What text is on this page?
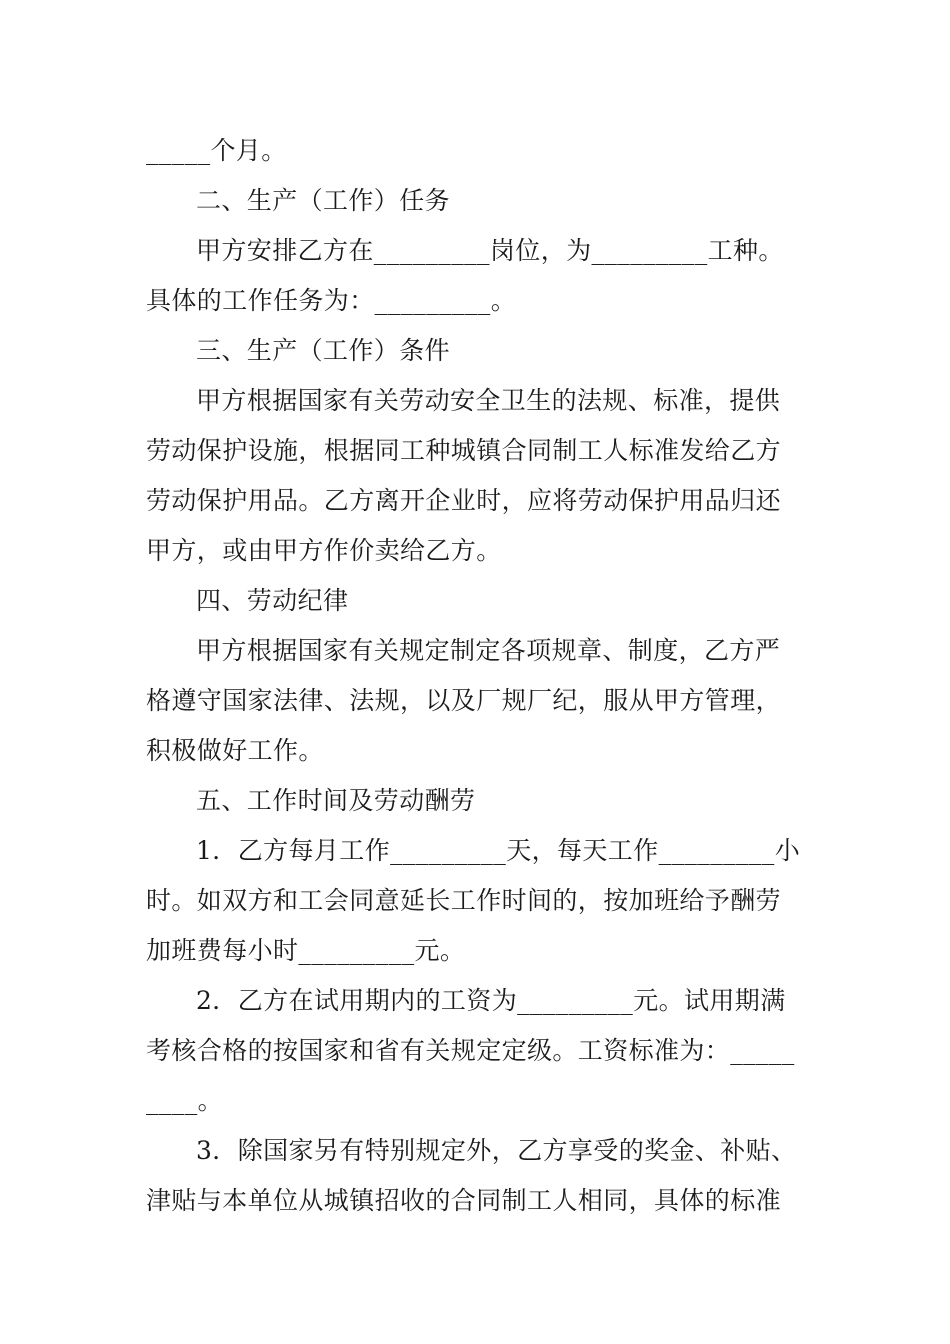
_____个月。
二、生产（工作）任务
甲方安排乙方在_________岗位，为_________工种。
具体的工作任务为：_________。
三、生产（工作）条件
甲方根据国家有关劳动安全卫生的法规、标准，提供
劳动保护设施，根据同工种城镇合同制工人标准发给乙方
劳动保护用品。乙方离开企业时，应将劳动保护用品归还
甲方，或由甲方作价卖给乙方。
四、劳动纪律
甲方根据国家有关规定制定各项规章、制度，乙方严
格遵守国家法律、法规，以及厂规厂纪，服从甲方管理，
积极做好工作。
五、工作时间及劳动酬劳
1．乙方每月工作_________天，每天工作_________小
时。如双方和工会同意延长工作时间的，按加班给予酬劳
加班费每小时_________元。
2．乙方在试用期内的工资为_________元。试用期满
考核合格的按国家和省有关规定定级。工资标准为：_____
____。
3．除国家另有特别规定外，乙方享受的奖金、补贴、
津贴与本单位从城镇招收的合同制工人相同，具体的标准
